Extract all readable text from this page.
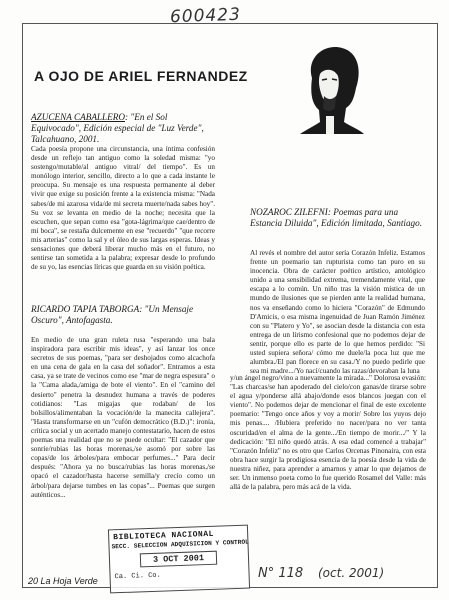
600423
A OJO DE ARIEL FERNANDEZ
AZUCENA CABALLERO: "En el Sol Equivocado", Edición especial de "Luz Verde", Talcahuano, 2001.

Cada poesía propone una circunstancia, una íntima confesión desde un reflejo tan antiguo como la soledad misma: "yo sostengo/mutable/al antiguo vitral/ del tiempo". Es un monólogo interior, sencillo, directo a lo que a cada instante le preocupa. Su mensaje es una respuesta permanente al deber vivir que exige su posición frente a la existencia misma: "Nada sabes/de mi azarosa vida/de mi secreta muerte/nada sabes hoy". Su voz se levanta en medio de la noche; necesita que la escuchen, que sepan como esa "gota-lágrima/que cae/dentro de mi boca", se restaña dulcemente en ese "recuerdo" "que recorre mis arterias" como la sal y el óleo de sus largas esperas. Ideas y sensaciones que deberá liberar mucho más en el futuro, no sentirse tan sometida a la palabra; expresar desde lo profundo de su yo, las esencias líricas que guarda en su visión poética.

RICARDO TAPIA TABORGA: "Un Mensaje Oscuro", Antofagasta.

En medio de una gran ruleta rusa "esperando una bala inspiradora para escribir mis ideas", y así lanzar los once secretos de sus poemas, "para ser deshojados como alcachofa en una cena de gala en la casa del soñador". Entramos a esta casa, ya se trate de vecinos como ese "mar de negra espesura" o la "Cama alada,/amiga de bote el viento". En el "camino del desierto" penetra la desnudez humana a través de poderes cotidianos: "Las migajas que rodaban/ de los bolsillos/alimentaban la vocación/de la manecita callejera". "Hasta transformarse en un "cufón democrático (B.D.)": ironía, crítica social y un acertado manejo contestatario, hacen de estos poemas una realidad que no se puede ocultar: "El cazador que sonríe/rubias las horas morenas,/se asomó por sobre las copas/de los árboles/para embocar perfumes..." Para decir después: "Ahora ya no busca/rubias las horas morenas,/se opacó el cazador/hasta hacerse semilla/y crecío como un árbol/para dejarse tumbes en las copas"... Poemas que surgen auténticos...

NOZAROC ZILEFNI: Poemas para una Estancia Diluida", Edición limitada, Santiago.

Al revés el nombre del autor sería Corazón Infeliz. Estamos frente un poemario tan rupturista como tan puro en su inocencia. Obra de carácter poético artístico, antológico unido a una sensibilidad extrema, tremendamente vital, que escapa a lo común. Un niño tras la visión mística de un mundo de ilusiones que se pierden ante la realidad humana, nos va enseñando como lo hiciera "Corazón" de Edmundo D'Amicis, o esa misma ingenuidad de Juan Ramón Jiménez con su "Platero y Yo", se asocian desde la distancia con esta entrega de un lírismo confesional que no podemos dejar de sentir, porque ello es parte de lo que hemos perdido: "Si usted supiera señora/ cómo me duele/la poca luz que me alumbra./El pan florece en su casa./Y no puedo pedirle que sea mi madre.../Yo nací/cuando las razas/devoraban la luna

y/un ángel negro/vino a nuevamente la mirada..." Dolorosa evasión: "Las charcas/se han apoderado del cielo/con ganas/de tirarse sobre el agua y/ponderse allá abajo/donde esos blancos juegan con el viento". No podemos dejar de mencionar el final de este excelente poemario: "Tengo once años y voy a morir/ Sobre los yuyos dejo mis penas.... /Hubiera preferido no nacer/para no ver tanta oscuridad/en el alma de la gente.../En tiempo de morir.../" Y la dedicación: "El niño quedó atrás. A esa edad comencé a trabajar" "Corazón Infeliz" no es otro que Carlos Orcenas Pinonaira, con esta obra hace surgir la prodigiosa esencia de la poesía desde la vida de nuestra niñez, para aprender a amarnos y amar lo que dejamos de ser. Un inmenso poeta como lo fue querido Rosamel del Valle: más allá de la palabra, pero más acá de la vida.

BIBLIOTECA NACIONAL
SECC. SELECCION ADQUISICION Y CONTROL
3 OCT 2001
Ca. Ci. Co.
20 La Hoja Verde	N° 118 (oct. 2001)
